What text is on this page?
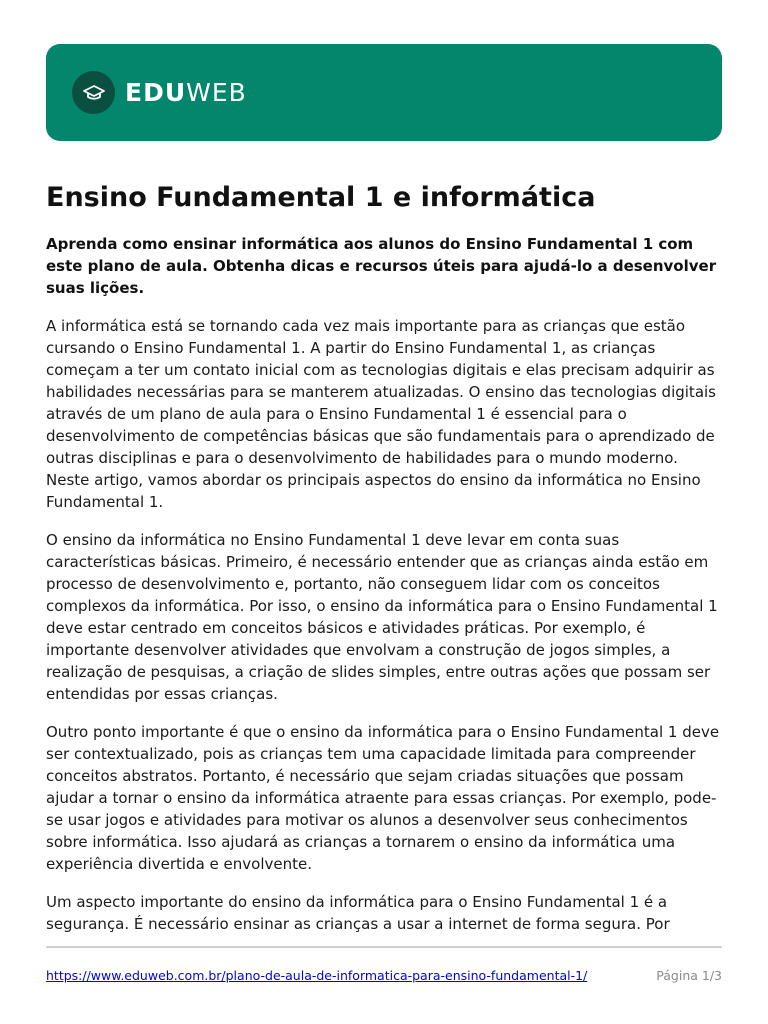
EDUWEB
Ensino Fundamental 1 e informática

Aprenda como ensinar informática aos alunos do Ensino Fundamental 1 com este plano de aula. Obtenha dicas e recursos úteis para ajudá-lo a desenvolver suas lições.

A informática está se tornando cada vez mais importante para as crianças que estão cursando o Ensino Fundamental 1. A partir do Ensino Fundamental 1, as crianças começam a ter um contato inicial com as tecnologias digitais e elas precisam adquirir as habilidades necessárias para se manterem atualizadas. O ensino das tecnologias digitais através de um plano de aula para o Ensino Fundamental 1 é essencial para o desenvolvimento de competências básicas que são fundamentais para o aprendizado de outras disciplinas e para o desenvolvimento de habilidades para o mundo moderno. Neste artigo, vamos abordar os principais aspectos do ensino da informática no Ensino Fundamental 1.

O ensino da informática no Ensino Fundamental 1 deve levar em conta suas características básicas. Primeiro, é necessário entender que as crianças ainda estão em processo de desenvolvimento e, portanto, não conseguem lidar com os conceitos complexos da informática. Por isso, o ensino da informática para o Ensino Fundamental 1 deve estar centrado em conceitos básicos e atividades práticas. Por exemplo, é importante desenvolver atividades que envolvam a construção de jogos simples, a realização de pesquisas, a criação de slides simples, entre outras ações que possam ser entendidas por essas crianças.

Outro ponto importante é que o ensino da informática para o Ensino Fundamental 1 deve ser contextualizado, pois as crianças tem uma capacidade limitada para compreender conceitos abstratos. Portanto, é necessário que sejam criadas situações que possam ajudar a tornar o ensino da informática atraente para essas crianças. Por exemplo, pode-se usar jogos e atividades para motivar os alunos a desenvolver seus conhecimentos sobre informática. Isso ajudará as crianças a tornarem o ensino da informática uma experiência divertida e envolvente.

Um aspecto importante do ensino da informática para o Ensino Fundamental 1 é a segurança. É necessário ensinar as crianças a usar a internet de forma segura. Por

https://www.eduweb.com.br/plano-de-aula-de-informatica-para-ensino-fundamental-1/	Página 1/3
